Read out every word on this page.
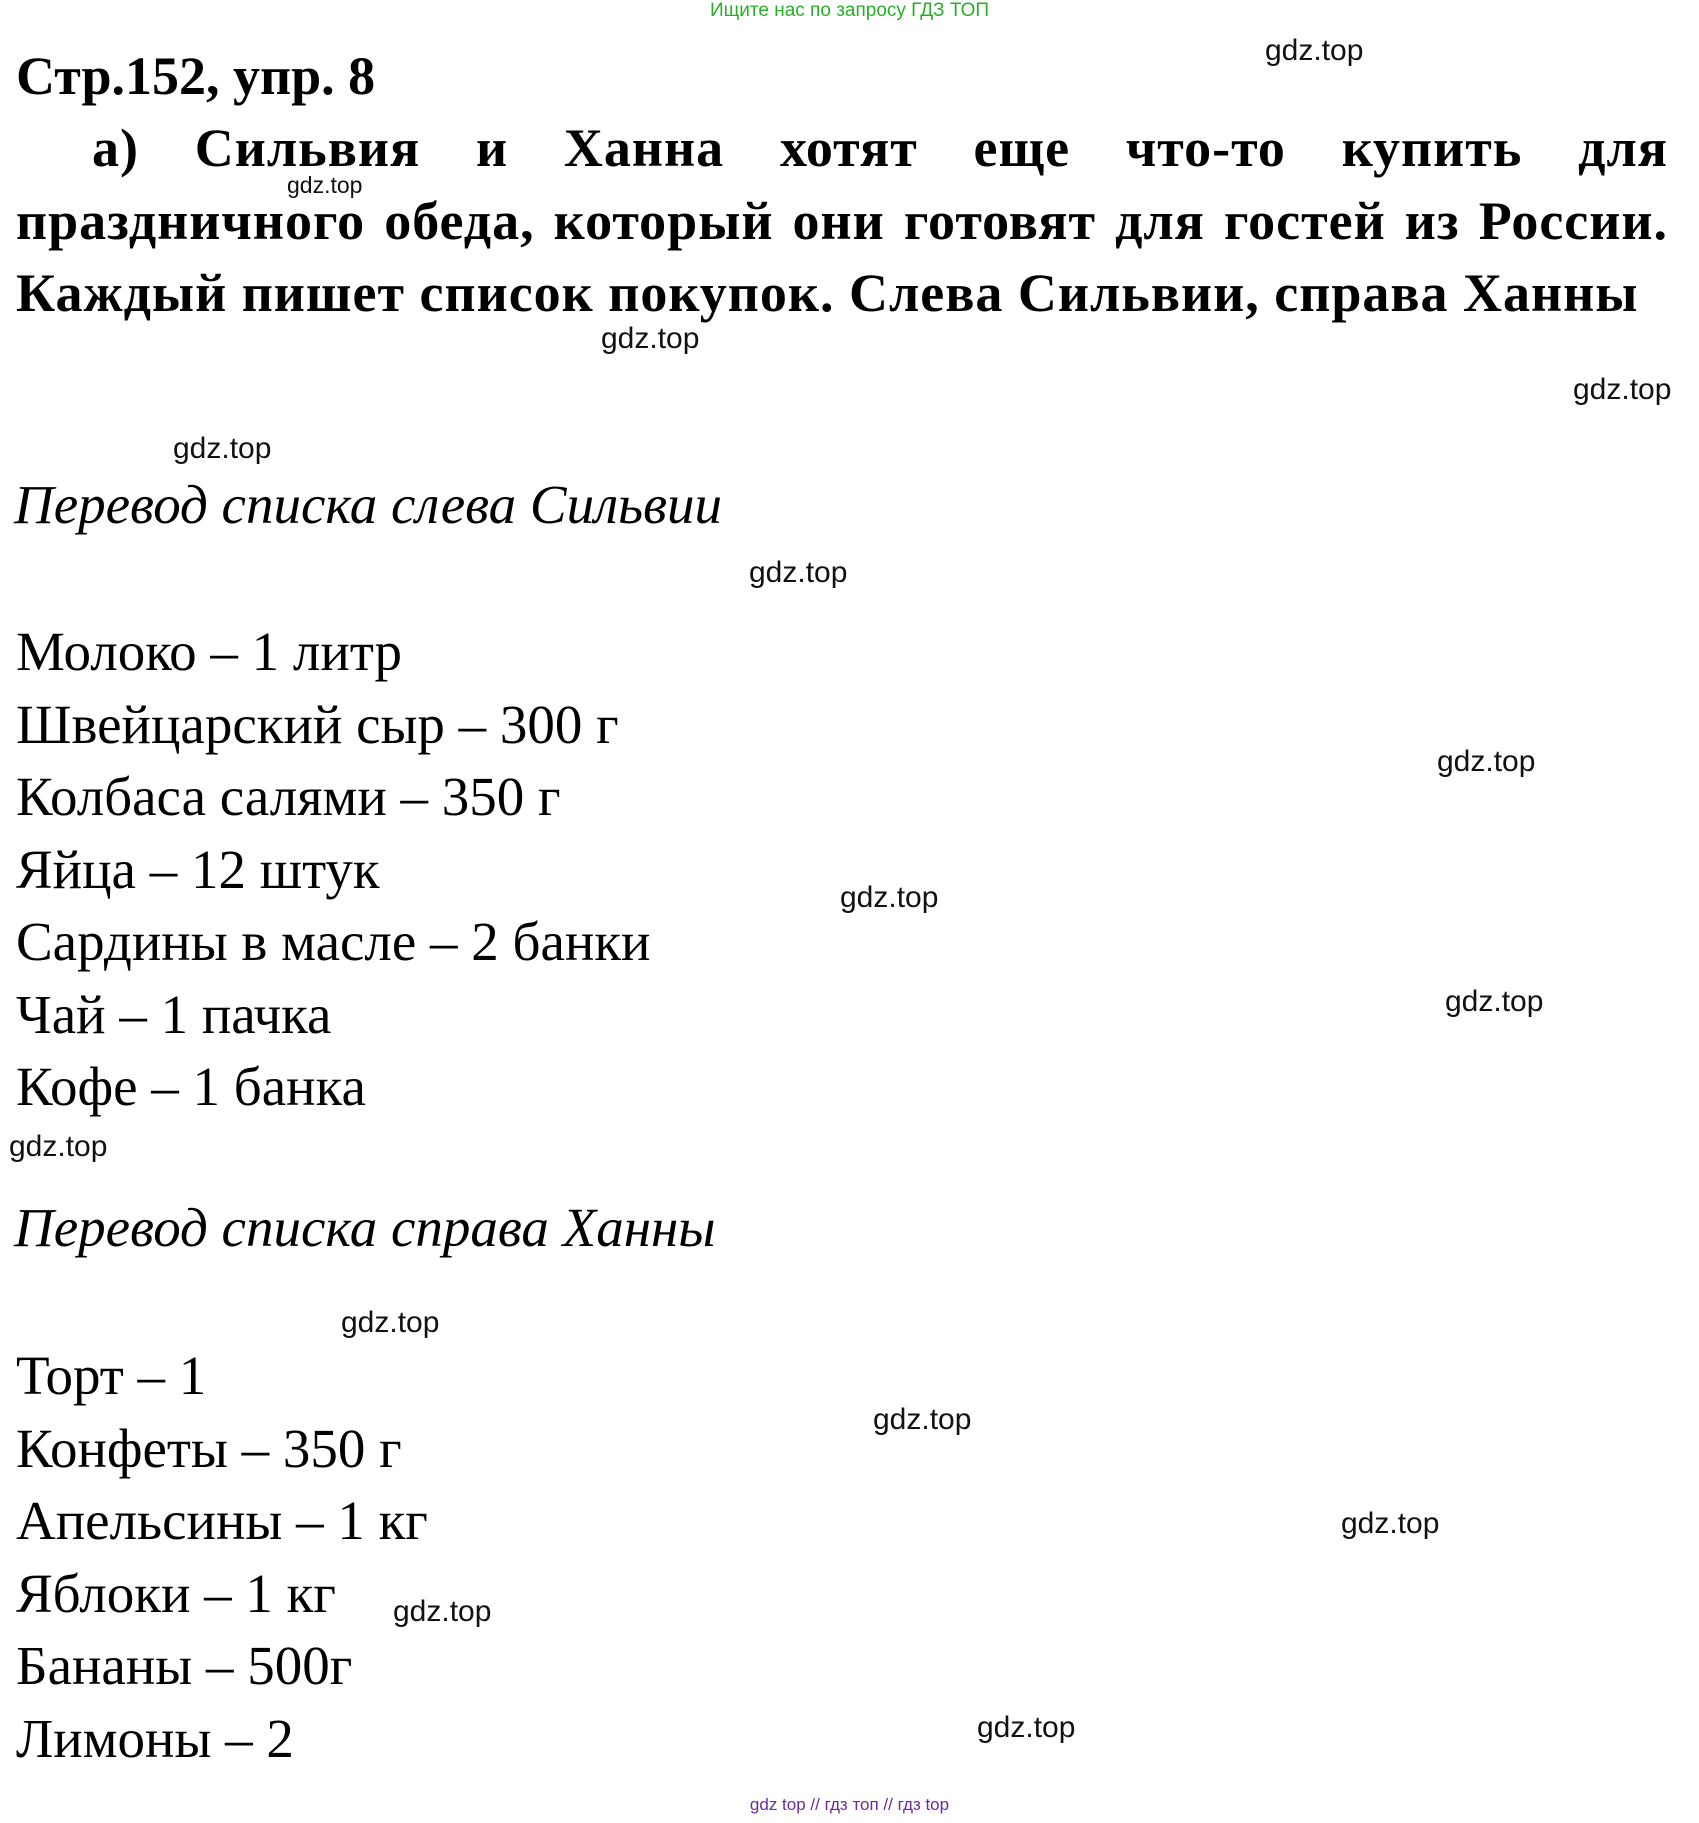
Ищите нас по запросу ГДЗ ТОП
Стр.152, упр. 8

а) Сильвия и Ханна хотят еще что-то купить для праздничного обеда, который они готовят для гостей из России. Каждый пишет список покупок. Слева Сильвии, справа Ханны

Перевод списка слева Сильвии
Молоко – 1 литр
Швейцарский сыр – 300 г
Колбаса салями – 350 г
Яйца – 12 штук
Сардины в масле – 2 банки
Чай – 1 пачка
Кофе – 1 банка
Перевод списка справа Ханны
Торт – 1
Конфеты – 350 г
Апельсины – 1 кг
Яблоки – 1 кг
Бананы – 500г
Лимоны – 2
gdz.top
gdz.top
gdz.top
gdz.top
gdz.top
gdz.top
gdz.top
gdz.top
gdz.top
gdz.top
gdz.top
gdz.top
gdz.top
gdz.top
gdz.top
gdz top // гдз топ // гдз top
